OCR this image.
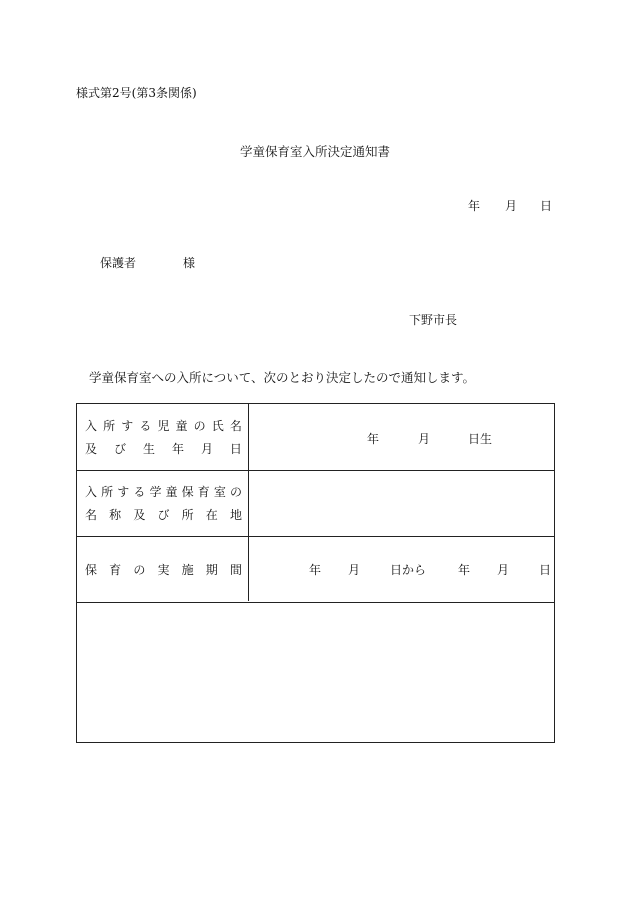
様式第2号(第3条関係)
学童保育室入所決定通知書
年 月 日
保護者	様
下野市長
学童保育室への入所について、次のとおり決定したので通知します。
入 所 す る 児 童 の 氏 名
及 び 生 年 月 日
年	月	日生
入 所 す る 学 童 保 育 室 の
名 称 及 び 所 在 地
保 育 の 実 施 期 間	年 月 日から	年 月 日
